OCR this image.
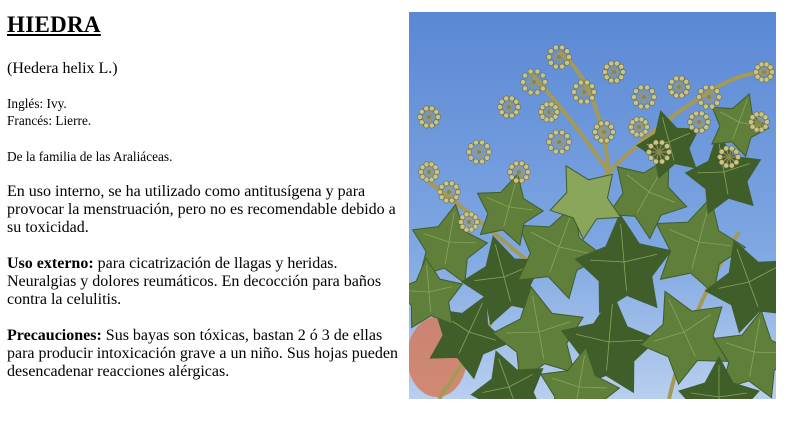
HIEDRA

(Hedera helix L.)

Inglés: Ivy.

Francés: Lierre.

De la familia de las Araliáceas.

En uso interno, se ha utilizado como antitusígena y para provocar la menstruación, pero no es recomendable debido a su toxicidad.

Uso externo: para cicatrización de llagas y heridas. Neuralgias y dolores reumáticos. En decocción para baños contra la celulitis.

Precauciones: Sus bayas son tóxicas, bastan 2 ó 3 de ellas para producir intoxicación grave a un niño. Sus hojas pueden desencadenar reacciones alérgicas.
